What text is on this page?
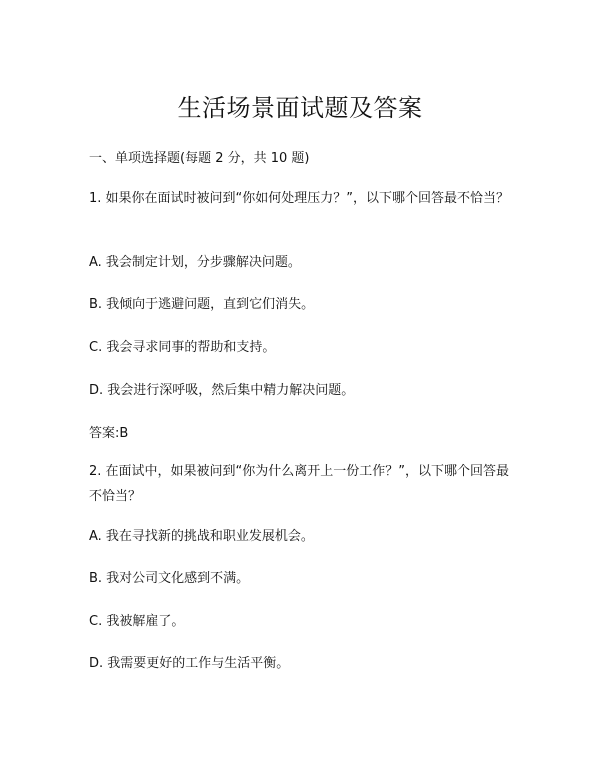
生活场景面试题及答案
一、单项选择题(每题 2 分，共 10 题)
1. 如果你在面试时被问到“你如何处理压力？”，以下哪个回答最不恰当？
A. 我会制定计划，分步骤解决问题。
B. 我倾向于逃避问题，直到它们消失。
C. 我会寻求同事的帮助和支持。
D. 我会进行深呼吸，然后集中精力解决问题。
答案:B
2. 在面试中，如果被问到“你为什么离开上一份工作？”，以下哪个回答最不恰当？
A. 我在寻找新的挑战和职业发展机会。
B. 我对公司文化感到不满。
C. 我被解雇了。
D. 我需要更好的工作与生活平衡。
